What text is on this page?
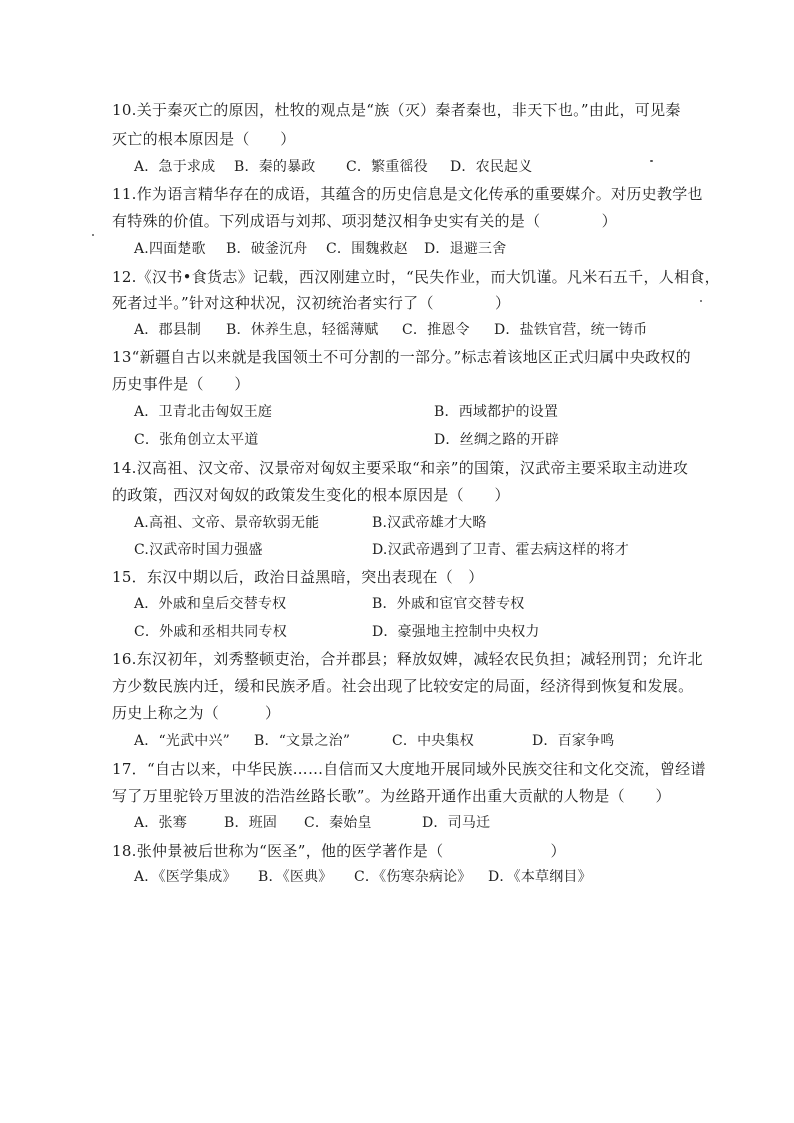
10.关于秦灭亡的原因，杜牧的观点是“族（灭）秦者秦也，非天下也。”由此，可见秦
灭亡的根本原因是（　　）
A．急于求成 B．秦的暴政 C．繁重徭役 D．农民起义
11.作为语言精华存在的成语，其蕴含的历史信息是文化传承的重要媒介。对历史教学也
有特殊的价值。下列成语与刘邦、项羽楚汉相争史实有关的是（　　　　）
A.四面楚歌 B．破釜沉舟 C．围魏救赵 D．退避三舍
12.《汉书•食货志》记载，西汉刚建立时，“民失作业，而大饥谨。凡米石五千，人相食，
死者过半。”针对这种状况，汉初统治者实行了（　　　　）
A．郡县制 B．休养生息，轻徭薄赋 C．推恩令 D．盐铁官营，统一铸币
13“新疆自古以来就是我国领土不可分割的一部分。”标志着该地区正式归属中央政权的
历史事件是（　　）
A．卫青北击匈奴王庭	B．西域都护的设置
C．张角创立太平道	D．丝绸之路的开辟
14.汉高祖、汉文帝、汉景帝对匈奴主要采取“和亲”的国策，汉武帝主要采取主动进攻
的政策，西汉对匈奴的政策发生变化的根本原因是（　　）
A.高祖、文帝、景帝软弱无能	B.汉武帝雄才大略
C.汉武帝时国力强盛	D.汉武帝遇到了卫青、霍去病这样的将才
15．东汉中期以后，政治日益黑暗，突出表现在（　）
A．外戚和皇后交替专权	B．外戚和宦官交替专权
C．外戚和丞相共同专权	D．豪强地主控制中央权力
16.东汉初年，刘秀整顿吏治，合并郡县；释放奴婢，减轻农民负担；减轻刑罚；允许北
方少数民族内迁，缓和民族矛盾。社会出现了比较安定的局面，经济得到恢复和发展。
历史上称之为（　　　）
A．“光武中兴” B．“文景之治”	C．中央集权	D．百家争鸣
17．“自古以来，中华民族……自信而又大度地开展同域外民族交往和文化交流，曾经谱
写了万里驼铃万里波的浩浩丝路长歌”。为丝路开通作出重大贡献的人物是（　　）
A．张骞	B．班固 C．秦始皇	D．司马迁
18.张仲景被后世称为“医圣”，他的医学著作是（　　　　　　　）
A．《医学集成》 B．《医典》 C．《伤寒杂病论》 D．《本草纲目》
